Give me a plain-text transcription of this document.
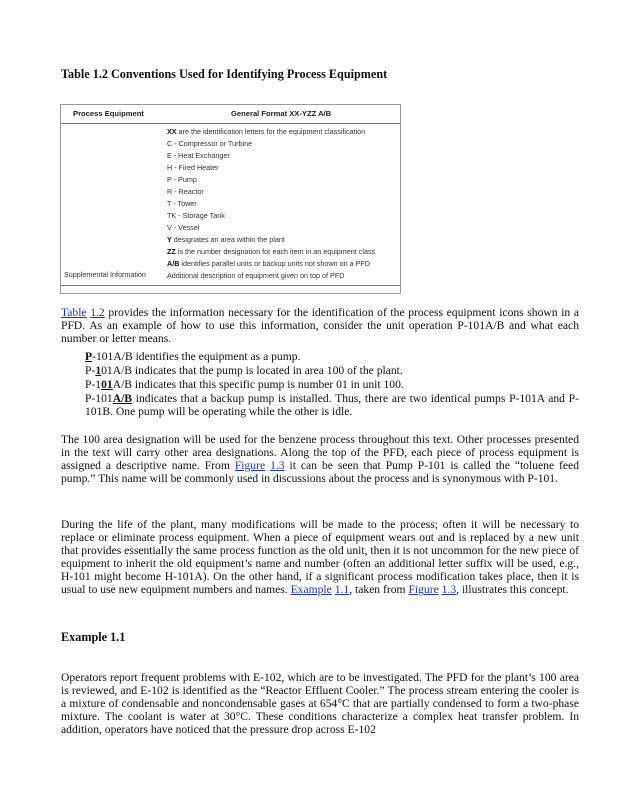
Table 1.2 Conventions Used for Identifying Process Equipment
Process Equipment	General Format XX-YZZ A/B
XX are the identification letters for the equipment classification
C - Compressor or Turbine
E - Heat Exchanger
H - Fired Heater
P - Pump
R - Reactor
T - Tower
TK - Storage Tank
V - Vessel
Y designates an area within the plant
ZZ is the number designation for each item in an equipment class
A/B identifies parallel units or backup units not shown on a PFD
Additional description of equipment given on top of PFD
Supplemental Information

Table 1.2 provides the information necessary for the identification of the process equipment icons shown in a PFD. As an example of how to use this information, consider the unit operation P-101A/B and what each number or letter means.

P-101A/B identifies the equipment as a pump.

P-101A/B indicates that the pump is located in area 100 of the plant.

P-101A/B indicates that this specific pump is number 01 in unit 100.

P-101A/B indicates that a backup pump is installed. Thus, there are two identical pumps P-101A and P-101B. One pump will be operating while the other is idle.

The 100 area designation will be used for the benzene process throughout this text. Other processes presented in the text will carry other area designations. Along the top of the PFD, each piece of process equipment is assigned a descriptive name. From Figure 1.3 it can be seen that Pump P-101 is called the “toluene feed pump.” This name will be commonly used in discussions about the process and is synonymous with P-101.

During the life of the plant, many modifications will be made to the process; often it will be necessary to replace or eliminate process equipment. When a piece of equipment wears out and is replaced by a new unit that provides essentially the same process function as the old unit, then it is not uncommon for the new piece of equipment to inherit the old equipment’s name and number (often an additional letter suffix will be used, e.g., H-101 might become H-101A). On the other hand, if a significant process modification takes place, then it is usual to use new equipment numbers and names. Example 1.1, taken from Figure 1.3, illustrates this concept.

Example 1.1

Operators report frequent problems with E-102, which are to be investigated. The PFD for the plant’s 100 area is reviewed, and E-102 is identified as the “Reactor Effluent Cooler.” The process stream entering the cooler is a mixture of condensable and noncondensable gases at 654°C that are partially condensed to form a two-phase mixture. The coolant is water at 30°C. These conditions characterize a complex heat transfer problem. In addition, operators have noticed that the pressure drop across E-102
